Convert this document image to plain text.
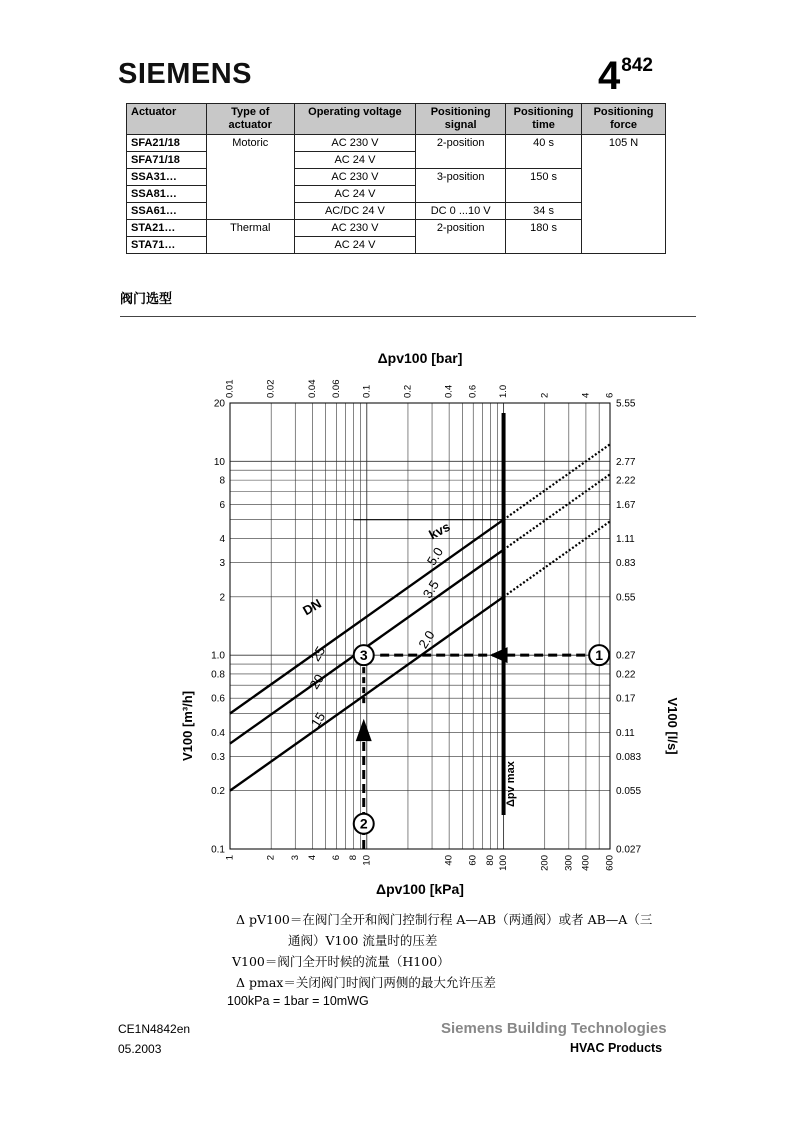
SIEMENS	$4^{842}$
Actuator	Type of actuator	Operating voltage	Positioning signal	Positioning time	Positioning force
SFA21/18	Motoric	AC 230 V	2-position	40 s	105 N
SFA71/18		AC 24 V			
SSA31…		AC 230 V	3-position	150 s	
SSA81…		AC 24 V			
SSA61…		AC/DC 24 V	DC 0 ...10 V	34 s	
STA21…	Thermal	AC 230 V	2-position	180 s	
STA71…		AC 24 V			
阀门选型
1	2 3 4 6 8 10	40 60 80 100	200 300 400 600
0.01	0.02	0.04 0.06 0.1	0.2	0.4 0.6 1.0	2	4 6
0.1
0.2
0.3
0.4
0.6
0.8
1.0
2
3
4
6
8
10
20
0.027
0.055
0.083
0.11
0.17
0.22
0.27
0.55
0.83
1.11
1.67
2.22
2.77
5.55
Δpv100 [bar]
Δpv100 [kPa]
V100 [m³/h]	V100 [l/s]
Δpv max
kvs
2.0
3.5
5.0
DN
15
20
25	1
2
3
Δ pV100＝在阀门全开和阀门控制行程 A—AB（两通阀）或者 AB—A（三
通阀）V100 流量时的压差
V100＝阀门全开时候的流量（H100）
Δ pmax＝关闭阀门时阀门两侧的最大允许压差
100kPa = 1bar = 10mWG
CE1N4842en
05.2003
Siemens Building Technologies
HVAC Products
